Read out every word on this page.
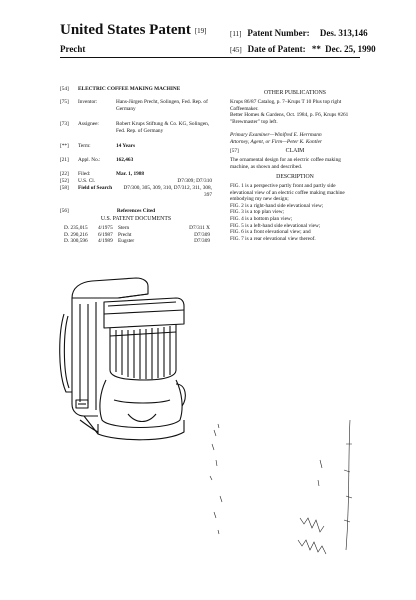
United States Patent [19]
Precht
[11] Patent Number: Des. 313,146
[45] Date of Patent: ** Dec. 25, 1990
[54] ELECTRIC COFFEE MAKING MACHINE
[75] Inventor:	Hans-Jürgen Precht, Solingen, Fed. Rep. of Germany
[73] Assignee:	Robert Krups Stiftung & Co. KG, Solingen, Fed. Rep. of Germany
[**] Term:	14 Years
[21] Appl. No.:	162,463
[22] Filed:	Mar. 1, 1988
[52] U.S. Cl.	D7/309; D7/310
[58] Field of Search	D7/300, 305, 309, 310, D7/312, 311, 308, 397
[56]	References Cited
U.S. PATENT DOCUMENTS
D. 235,015 4/1975 Stern	D7/311 X
D. 290,216 6/1987 Precht	D7/309
D. 300,596 4/1989 Eugster	D7/309
OTHER PUBLICATIONS
Krups 86/87 Catalog, p. 7–Krups T 10 Plus top right Coffeemaker.
Better Homes & Gardens, Oct. 1984, p. F6, Krups #261 "Brewmaster" top left.
Primary Examiner—Winifred E. Herrmann
Attorney, Agent, or Firm—Peter K. Kontler
[57]	CLAIM
The ornamental design for an electric coffee making machine, as shown and described.
DESCRIPTION
FIG. 1 is a perspective partly front and partly side elevational view of an electric coffee making machine embodying my new design;
FIG. 2 is a right-hand side elevational view;
FIG. 3 is a top plan view;
FIG. 4 is a bottom plan view;
FIG. 5 is a left-hand side elevational view;
FIG. 6 is a front elevational view; and
FIG. 7 is a rear elevational view thereof.
